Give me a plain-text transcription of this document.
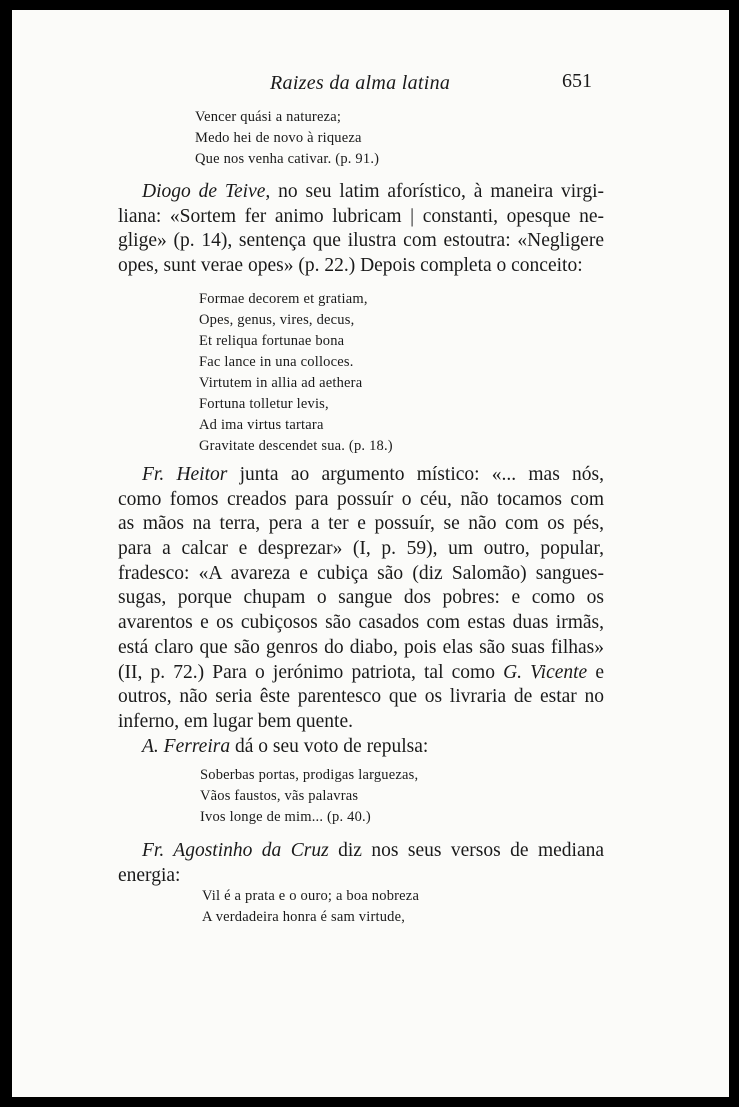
Raizes da alma latina	651
Vencer quási a natureza;
Medo hei de novo à riqueza
Que nos venha cativar. (p. 91.)
Diogo de Teive, no seu latim aforístico, à maneira virgi-
liana: «Sortem fer animo lubricam | constanti, opesque ne-
glige» (p. 14), sentença que ilustra com estoutra: «Negligere
opes, sunt verae opes» (p. 22.) Depois completa o conceito:
Formae decorem et gratiam,
Opes, genus, vires, decus,
Et reliqua fortunae bona
Fac lance in una colloces.
Virtutem in allia ad aethera
Fortuna tolletur levis,
Ad ima virtus tartara
Gravitate descendet sua. (p. 18.)
Fr. Heitor junta ao argumento místico: «... mas nós,
como fomos creados para possuír o céu, não tocamos com
as mãos na terra, pera a ter e possuír, se não com os pés,
para a calcar e desprezar» (I, p. 59), um outro, popular,
fradesco: «A avareza e cubiça são (diz Salomão) sangues-
sugas, porque chupam o sangue dos pobres: e como os
avarentos e os cubiçosos são casados com estas duas irmãs,
está claro que são genros do diabo, pois elas são suas filhas»
(II, p. 72.) Para o jerónimo patriota, tal como G. Vicente e
outros, não seria êste parentesco que os livraria de estar no
inferno, em lugar bem quente.
A. Ferreira dá o seu voto de repulsa:
Soberbas portas, prodigas larguezas,
Vãos faustos, vãs palavras
Ivos longe de mim... (p. 40.)
Fr. Agostinho da Cruz diz nos seus versos de mediana
energia:
Vil é a prata e o ouro; a boa nobreza
A verdadeira honra é sam virtude,
